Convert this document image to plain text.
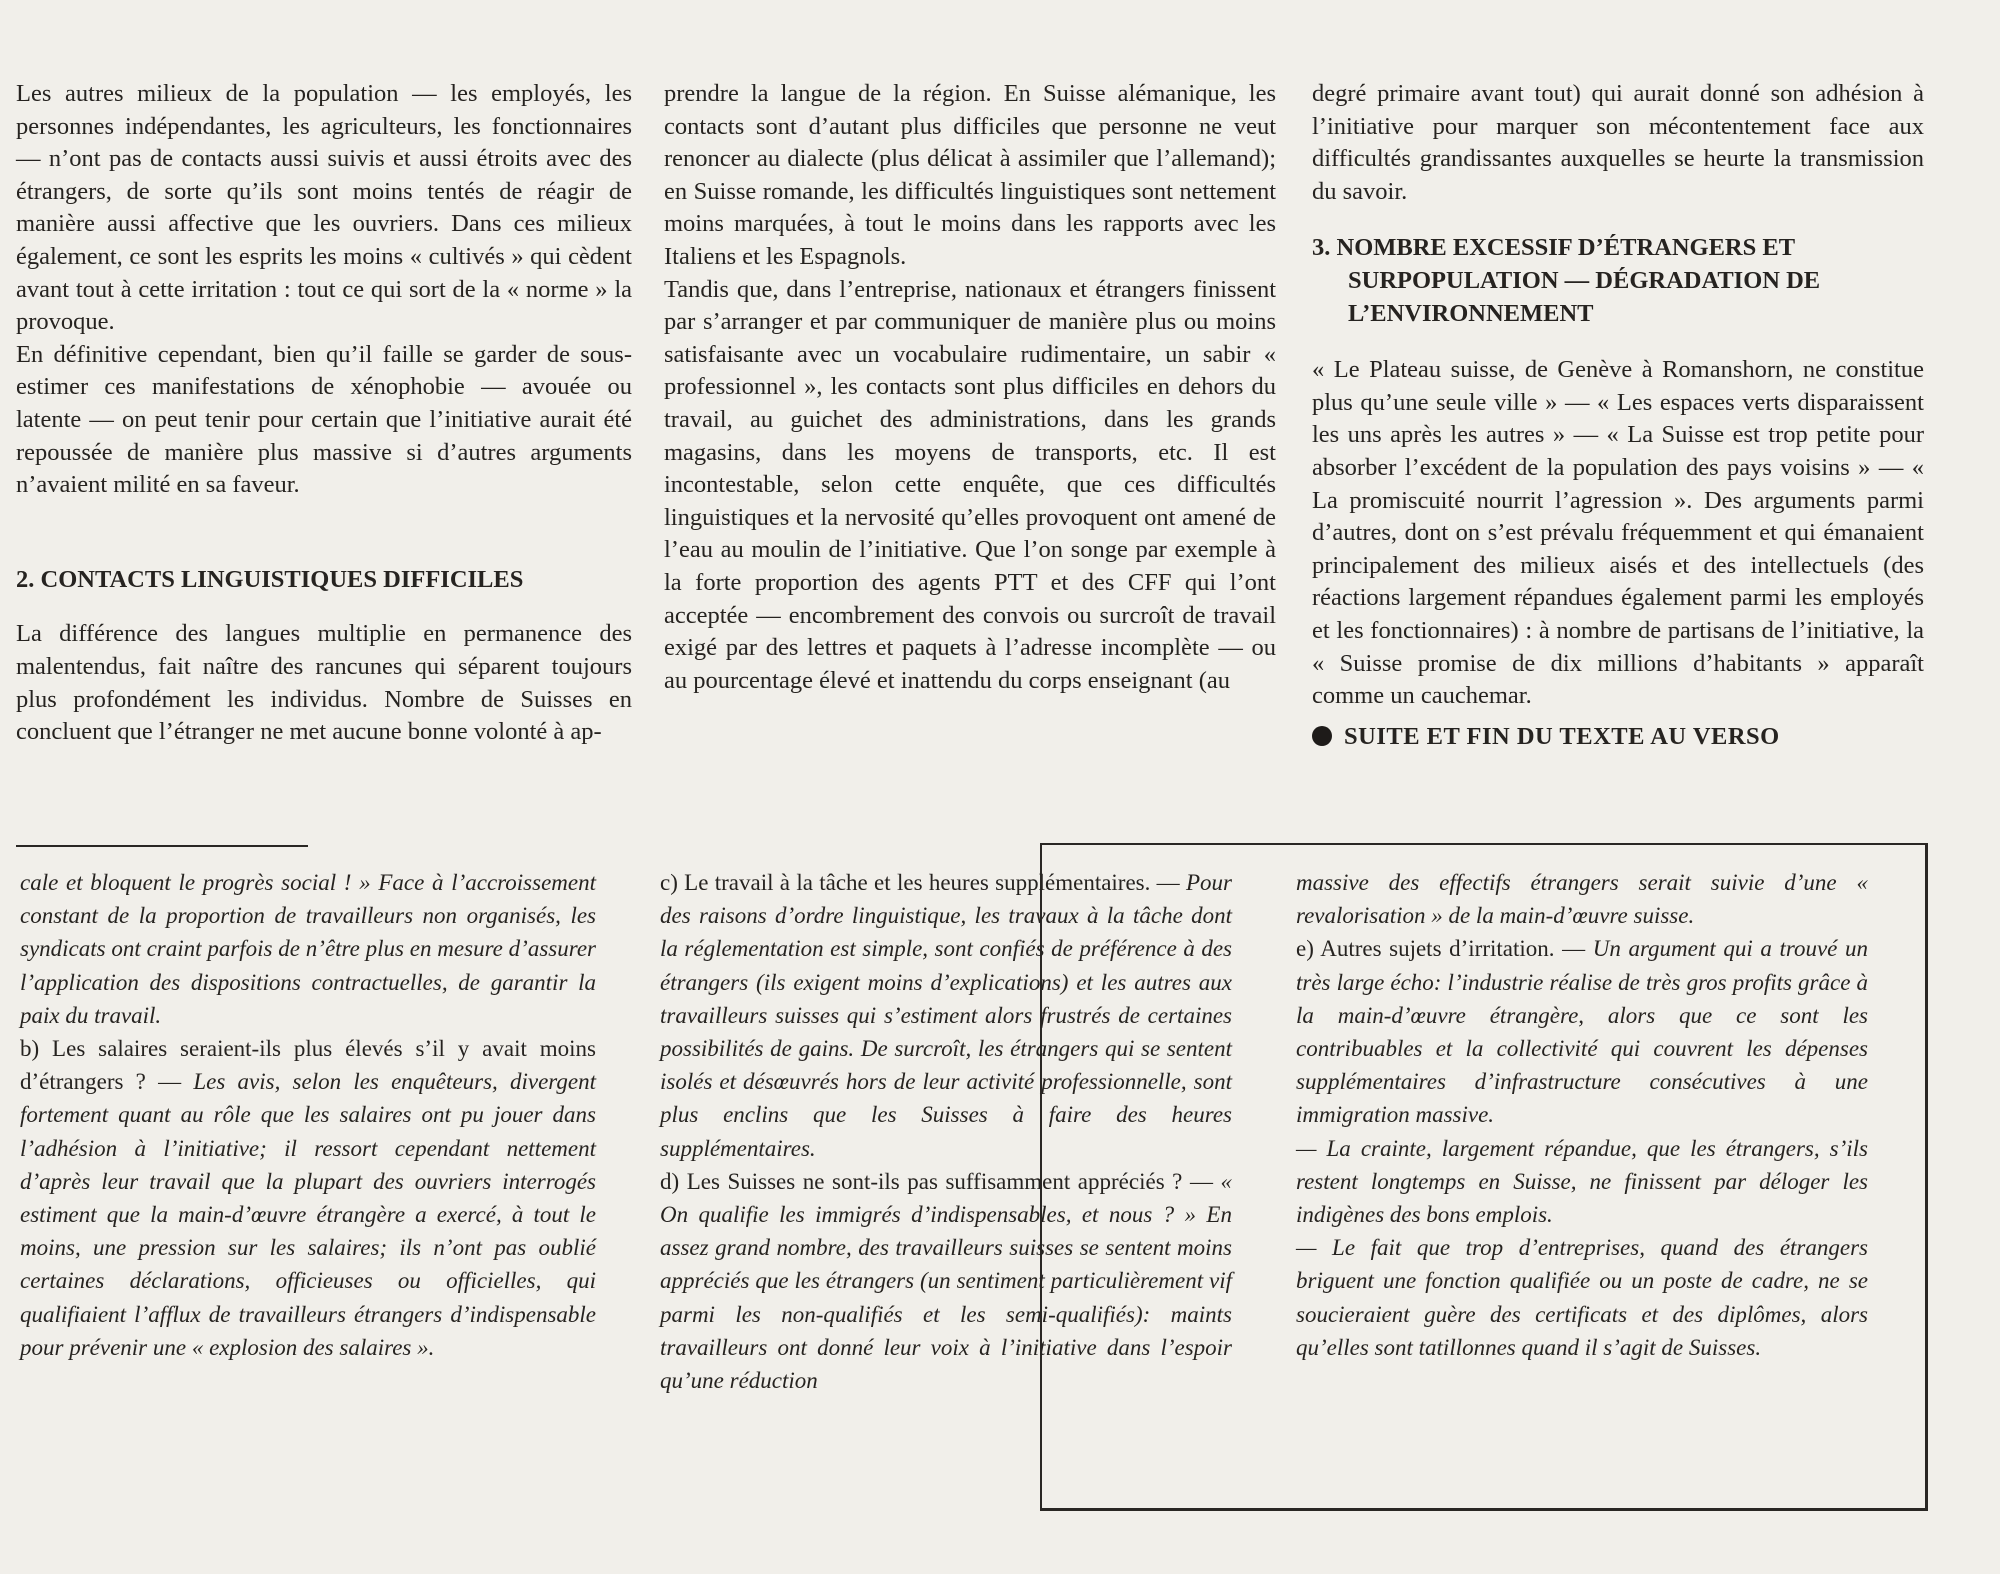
Les autres milieux de la population — les employés, les personnes indépendantes, les agriculteurs, les fonctionnaires — n’ont pas de contacts aussi suivis et aussi étroits avec des étrangers, de sorte qu’ils sont moins tentés de réagir de manière aussi affective que les ouvriers. Dans ces milieux également, ce sont les esprits les moins « cultivés » qui cèdent avant tout à cette irritation : tout ce qui sort de la « norme » la provoque.

En définitive cependant, bien qu’il faille se garder de sous-estimer ces manifestations de xénophobie — avouée ou latente — on peut tenir pour certain que l’initiative aurait été repoussée de manière plus massive si d’autres arguments n’avaient milité en sa faveur.

2. CONTACTS LINGUISTIQUES DIFFICILES

La différence des langues multiplie en permanence des malentendus, fait naître des rancunes qui séparent toujours plus profondément les individus. Nombre de Suisses en concluent que l’étranger ne met aucune bonne volonté à ap-

prendre la langue de la région. En Suisse alémanique, les contacts sont d’autant plus difficiles que personne ne veut renoncer au dialecte (plus délicat à assimiler que l’allemand); en Suisse romande, les difficultés linguistiques sont nettement moins marquées, à tout le moins dans les rapports avec les Italiens et les Espagnols.

Tandis que, dans l’entreprise, nationaux et étrangers finissent par s’arranger et par communiquer de manière plus ou moins satisfaisante avec un vocabulaire rudimentaire, un sabir « professionnel », les contacts sont plus difficiles en dehors du travail, au guichet des administrations, dans les grands magasins, dans les moyens de transports, etc. Il est incontestable, selon cette enquête, que ces difficultés linguistiques et la nervosité qu’elles provoquent ont amené de l’eau au moulin de l’initiative. Que l’on songe par exemple à la forte proportion des agents PTT et des CFF qui l’ont acceptée — encombrement des convois ou surcroît de travail exigé par des lettres et paquets à l’adresse incomplète — ou au pourcentage élevé et inattendu du corps enseignant (au

degré primaire avant tout) qui aurait donné son adhésion à l’initiative pour marquer son mécontentement face aux difficultés grandissantes auxquelles se heurte la transmission du savoir.

3. NOMBRE EXCESSIF D’ÉTRANGERS ET SURPOPULATION — DÉGRADATION DE L’ENVIRONNEMENT

« Le Plateau suisse, de Genève à Romanshorn, ne constitue plus qu’une seule ville » — « Les espaces verts disparaissent les uns après les autres » — « La Suisse est trop petite pour absorber l’excédent de la population des pays voisins » — « La promiscuité nourrit l’agression ». Des arguments parmi d’autres, dont on s’est prévalu fréquemment et qui émanaient principalement des milieux aisés et des intellectuels (des réactions largement répandues également parmi les employés et les fonctionnaires) : à nombre de partisans de l’initiative, la « Suisse promise de dix millions d’habitants » apparaît comme un cauchemar.

SUITE ET FIN DU TEXTE AU VERSO

cale et bloquent le progrès social ! » Face à l’accroissement constant de la proportion de travailleurs non organisés, les syndicats ont craint parfois de n’être plus en mesure d’assurer l’application des dispositions contractuelles, de garantir la paix du travail.

b) Les salaires seraient-ils plus élevés s’il y avait moins d’étrangers ? — Les avis, selon les enquêteurs, divergent fortement quant au rôle que les salaires ont pu jouer dans l’adhésion à l’initiative; il ressort cependant nettement d’après leur travail que la plupart des ouvriers interrogés estiment que la main-d’œuvre étrangère a exercé, à tout le moins, une pression sur les salaires; ils n’ont pas oublié certaines déclarations, officieuses ou officielles, qui qualifiaient l’afflux de travailleurs étrangers d’indispensable pour prévenir une « explosion des salaires ».

c) Le travail à la tâche et les heures supplémentaires. — Pour des raisons d’ordre linguistique, les travaux à la tâche dont la réglementation est simple, sont confiés de préférence à des étrangers (ils exigent moins d’explications) et les autres aux travailleurs suisses qui s’estiment alors frustrés de certaines possibilités de gains. De surcroît, les étrangers qui se sentent isolés et désœuvrés hors de leur activité professionnelle, sont plus enclins que les Suisses à faire des heures supplémentaires.

d) Les Suisses ne sont-ils pas suffisamment appréciés ? — « On qualifie les immigrés d’indispensables, et nous ? » En assez grand nombre, des travailleurs suisses se sentent moins appréciés que les étrangers (un sentiment particulièrement vif parmi les non-qualifiés et les semi-qualifiés): maints travailleurs ont donné leur voix à l’initiative dans l’espoir qu’une réduction

massive des effectifs étrangers serait suivie d’une « revalorisation » de la main-d’œuvre suisse.

e) Autres sujets d’irritation. — Un argument qui a trouvé un très large écho: l’industrie réalise de très gros profits grâce à la main-d’œuvre étrangère, alors que ce sont les contribuables et la collectivité qui couvrent les dépenses supplémentaires d’infrastructure consécutives à une immigration massive.

— La crainte, largement répandue, que les étrangers, s’ils restent longtemps en Suisse, ne finissent par déloger les indigènes des bons emplois.

— Le fait que trop d’entreprises, quand des étrangers briguent une fonction qualifiée ou un poste de cadre, ne se soucieraient guère des certificats et des diplômes, alors qu’elles sont tatillonnes quand il s’agit de Suisses.
